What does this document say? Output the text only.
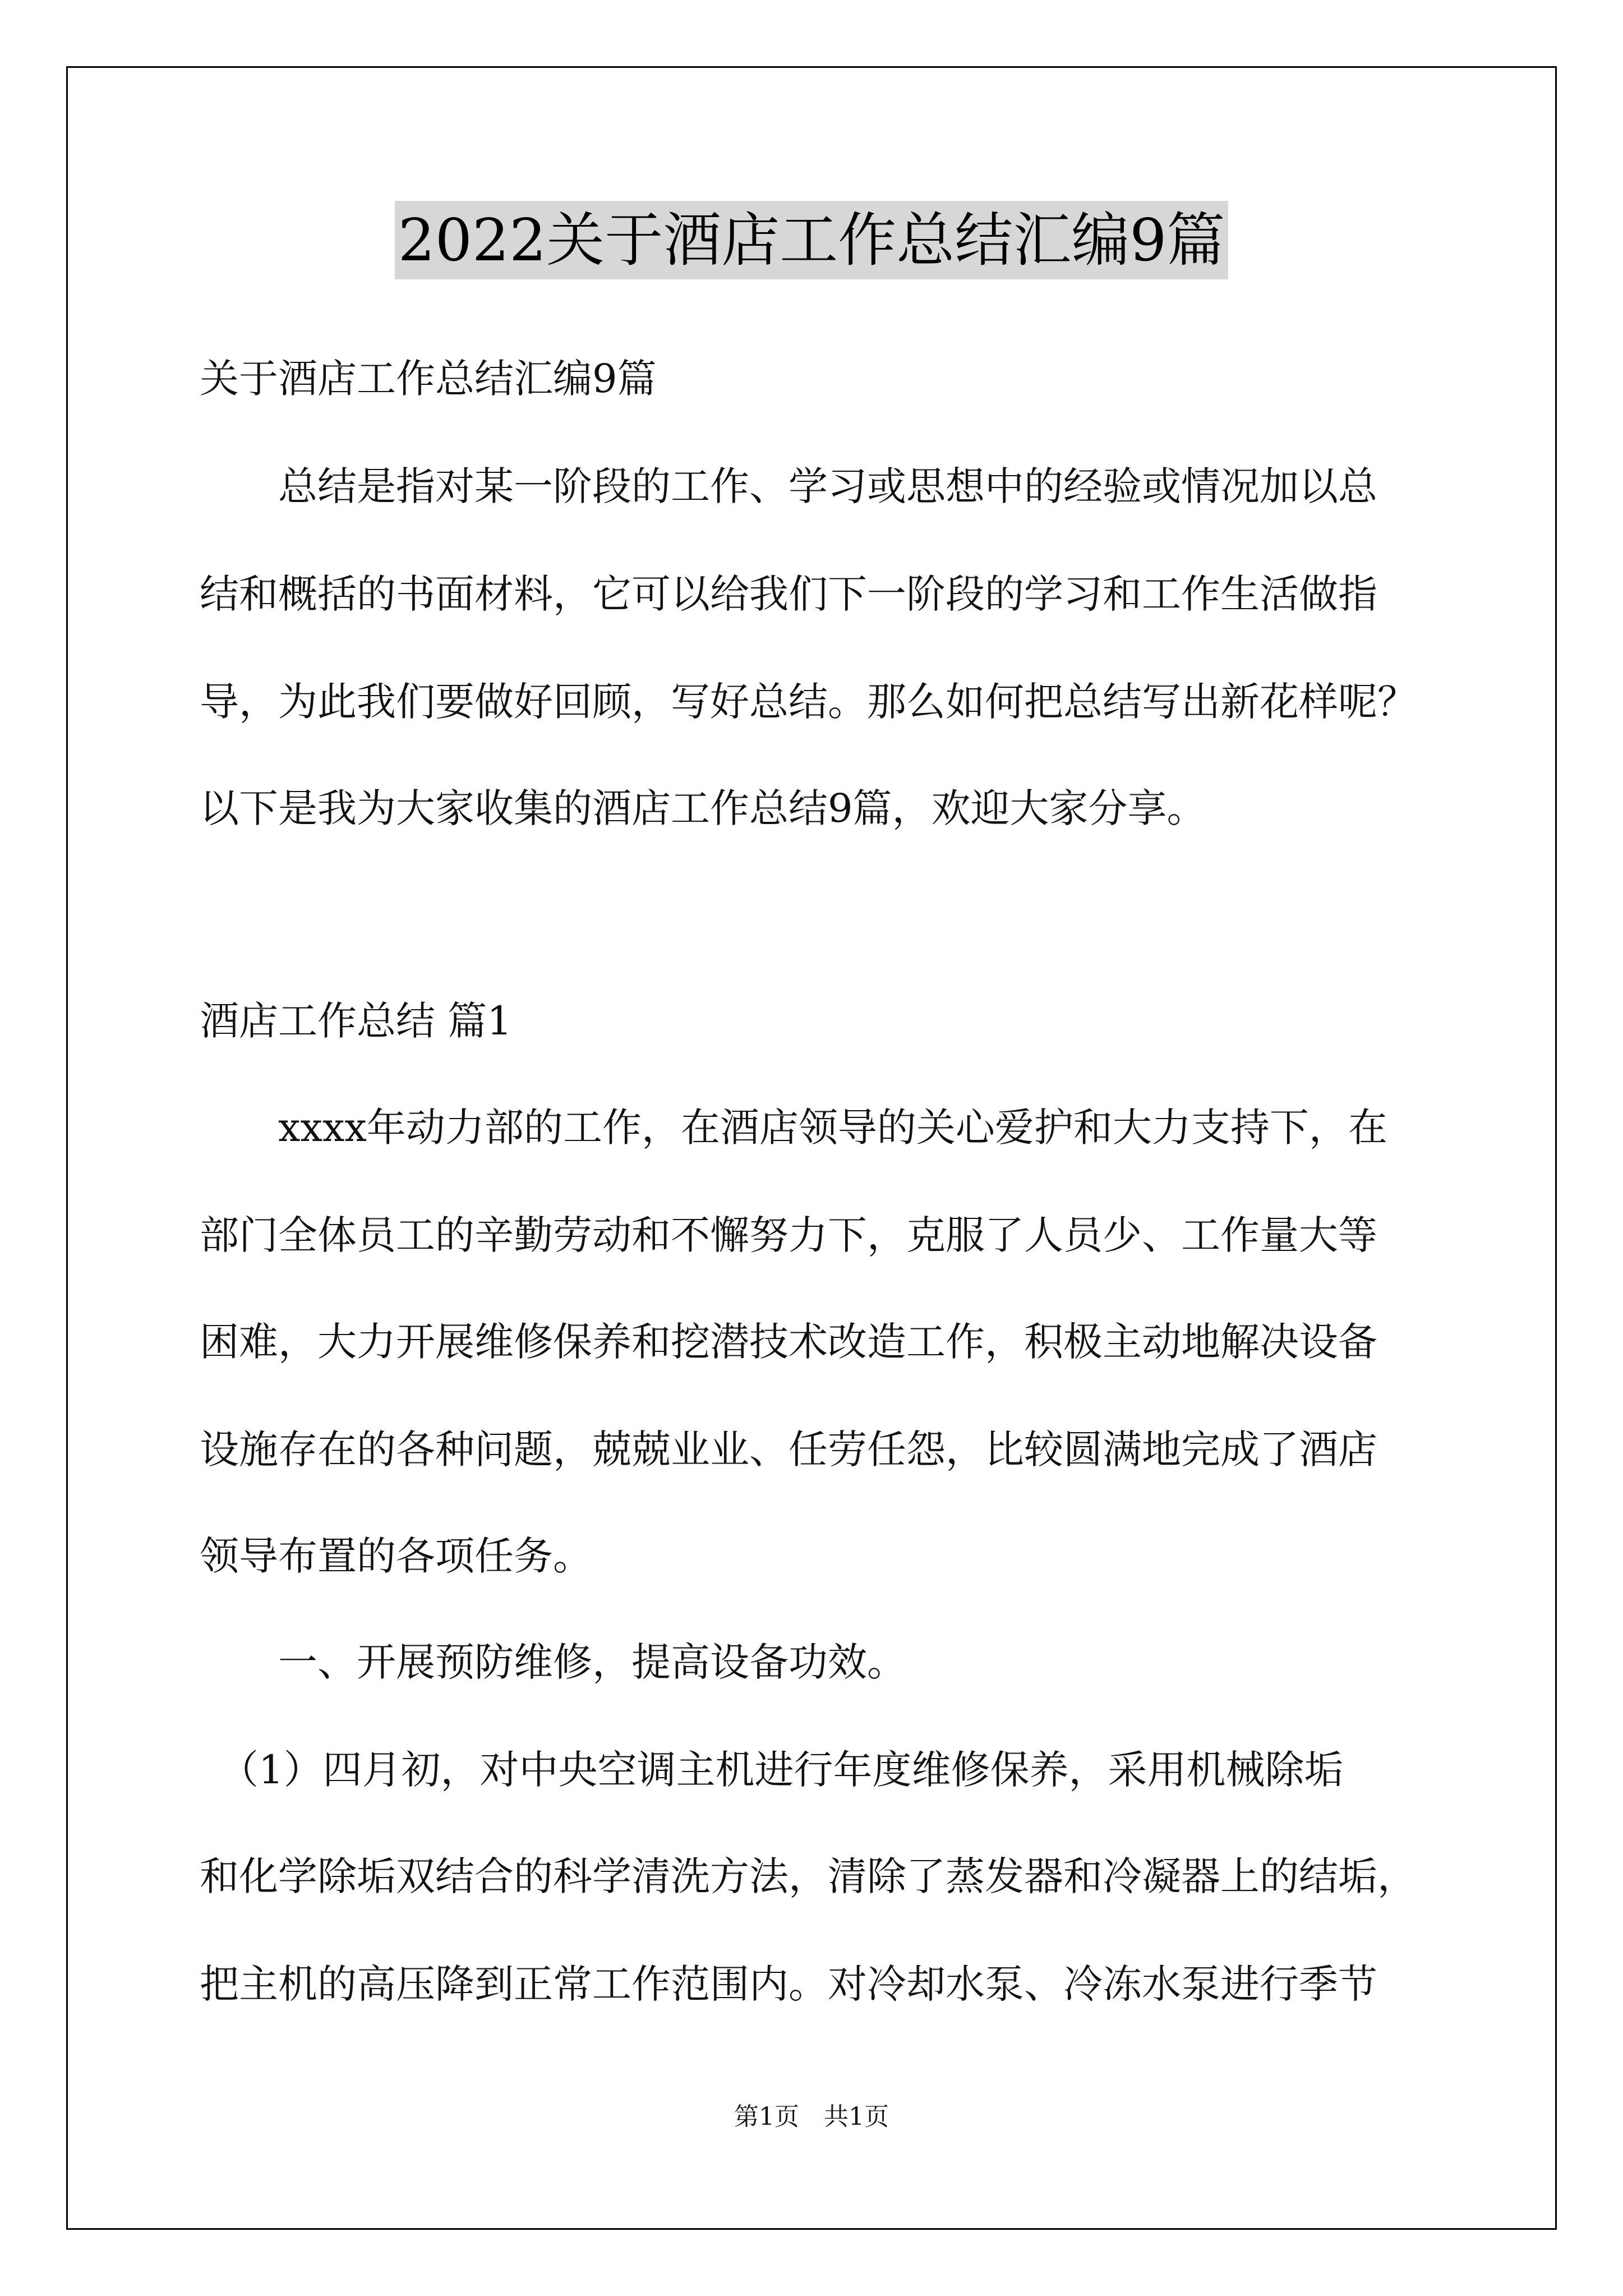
2022关于酒店工作总结汇编9篇

关于酒店工作总结汇编9篇

　　总结是指对某一阶段的工作、学习或思想中的经验或情况加以总

结和概括的书面材料，它可以给我们下一阶段的学习和工作生活做指

导，为此我们要做好回顾，写好总结。那么如何把总结写出新花样呢？

以下是我为大家收集的酒店工作总结9篇，欢迎大家分享。

酒店工作总结 篇1

　　xxxx年动力部的工作，在酒店领导的关心爱护和大力支持下，在

部门全体员工的辛勤劳动和不懈努力下，克服了人员少、工作量大等

困难，大力开展维修保养和挖潜技术改造工作，积极主动地解决设备

设施存在的各种问题，兢兢业业、任劳任怨，比较圆满地完成了酒店

领导布置的各项任务。

　　一、开展预防维修，提高设备功效。

　（1）四月初，对中央空调主机进行年度维修保养，采用机械除垢

和化学除垢双结合的科学清洗方法，清除了蒸发器和冷凝器上的结垢，

把主机的高压降到正常工作范围内。对冷却水泵、冷冻水泵进行季节

第1页　共1页
